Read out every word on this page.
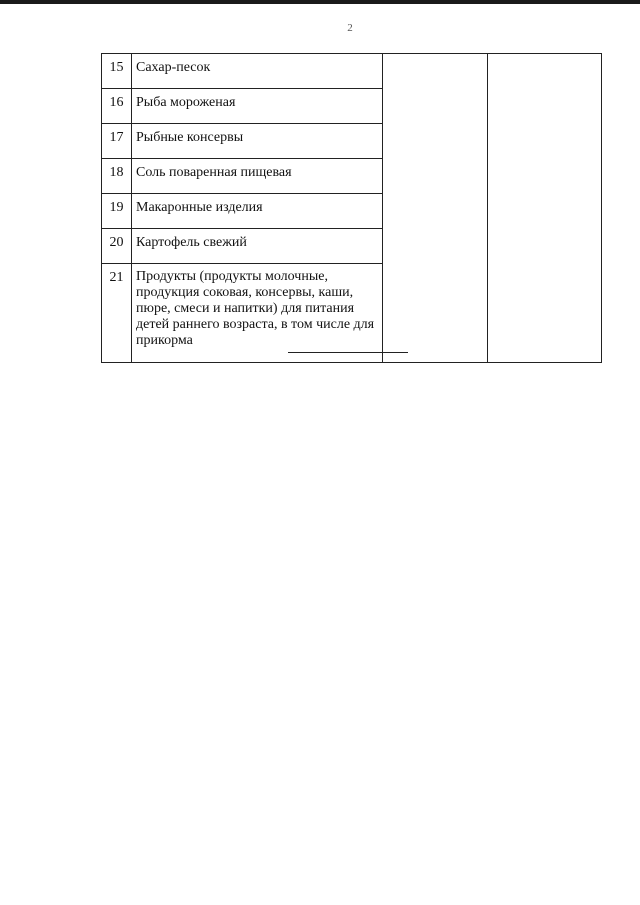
2
15	Сахар-песок		
16	Рыба мороженая		
17	Рыбные консервы		
18	Соль поваренная пищевая		
19	Макаронные изделия		
20	Картофель свежий		
21	Продукты (продукты молочные, продукция соковая, консервы, каши, пюре, смеси и напитки) для питания детей раннего возраста, в том числе для прикорма		
